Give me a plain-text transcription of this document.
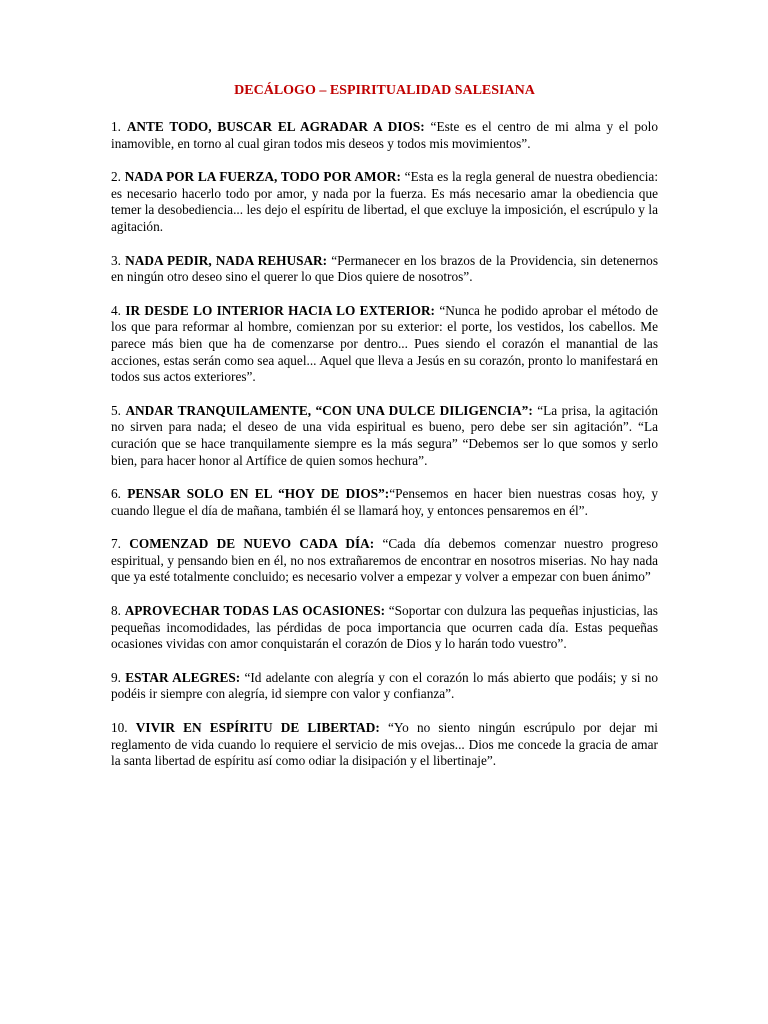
DECÁLOGO – ESPIRITUALIDAD SALESIANA

1. ANTE TODO, BUSCAR EL AGRADAR A DIOS: “Este es el centro de mi alma y el polo inamovible, en torno al cual giran todos mis deseos y todos mis movimientos”.

2. NADA POR LA FUERZA, TODO POR AMOR: “Esta es la regla general de nuestra obediencia: es necesario hacerlo todo por amor, y nada por la fuerza. Es más necesario amar la obediencia que temer la desobediencia... les dejo el espíritu de libertad, el que excluye la imposición, el escrúpulo y la agitación.

3. NADA PEDIR, NADA REHUSAR: “Permanecer en los brazos de la Providencia, sin detenernos en ningún otro deseo sino el querer lo que Dios quiere de nosotros”.

4. IR DESDE LO INTERIOR HACIA LO EXTERIOR: “Nunca he podido aprobar el método de los que para reformar al hombre, comienzan por su exterior: el porte, los vestidos, los cabellos. Me parece más bien que ha de comenzarse por dentro... Pues siendo el corazón el manantial de las acciones, estas serán como sea aquel... Aquel que lleva a Jesús en su corazón, pronto lo manifestará en todos sus actos exteriores”.

5. ANDAR TRANQUILAMENTE, “CON UNA DULCE DILIGENCIA”: “La prisa, la agitación no sirven para nada; el deseo de una vida espiritual es bueno, pero debe ser sin agitación”. “La curación que se hace tranquilamente siempre es la más segura” “Debemos ser lo que somos y serlo bien, para hacer honor al Artífice de quien somos hechura”.

6. PENSAR SOLO EN EL “HOY DE DIOS”:“Pensemos en hacer bien nuestras cosas hoy, y cuando llegue el día de mañana, también él se llamará hoy, y entonces pensaremos en él”.

7. COMENZAD DE NUEVO CADA DÍA: “Cada día debemos comenzar nuestro progreso espiritual, y pensando bien en él, no nos extrañaremos de encontrar en nosotros miserias. No hay nada que ya esté totalmente concluido; es necesario volver a empezar y volver a empezar con buen ánimo”

8. APROVECHAR TODAS LAS OCASIONES: “Soportar con dulzura las pequeñas injusticias, las pequeñas incomodidades, las pérdidas de poca importancia que ocurren cada día. Estas pequeñas ocasiones vividas con amor conquistarán el corazón de Dios y lo harán todo vuestro”.

9. ESTAR ALEGRES: “Id adelante con alegría y con el corazón lo más abierto que podáis; y si no podéis ir siempre con alegría, id siempre con valor y confianza”.

10. VIVIR EN ESPÍRITU DE LIBERTAD: “Yo no siento ningún escrúpulo por dejar mi reglamento de vida cuando lo requiere el servicio de mis ovejas... Dios me concede la gracia de amar la santa libertad de espíritu así como odiar la disipación y el libertinaje”.
